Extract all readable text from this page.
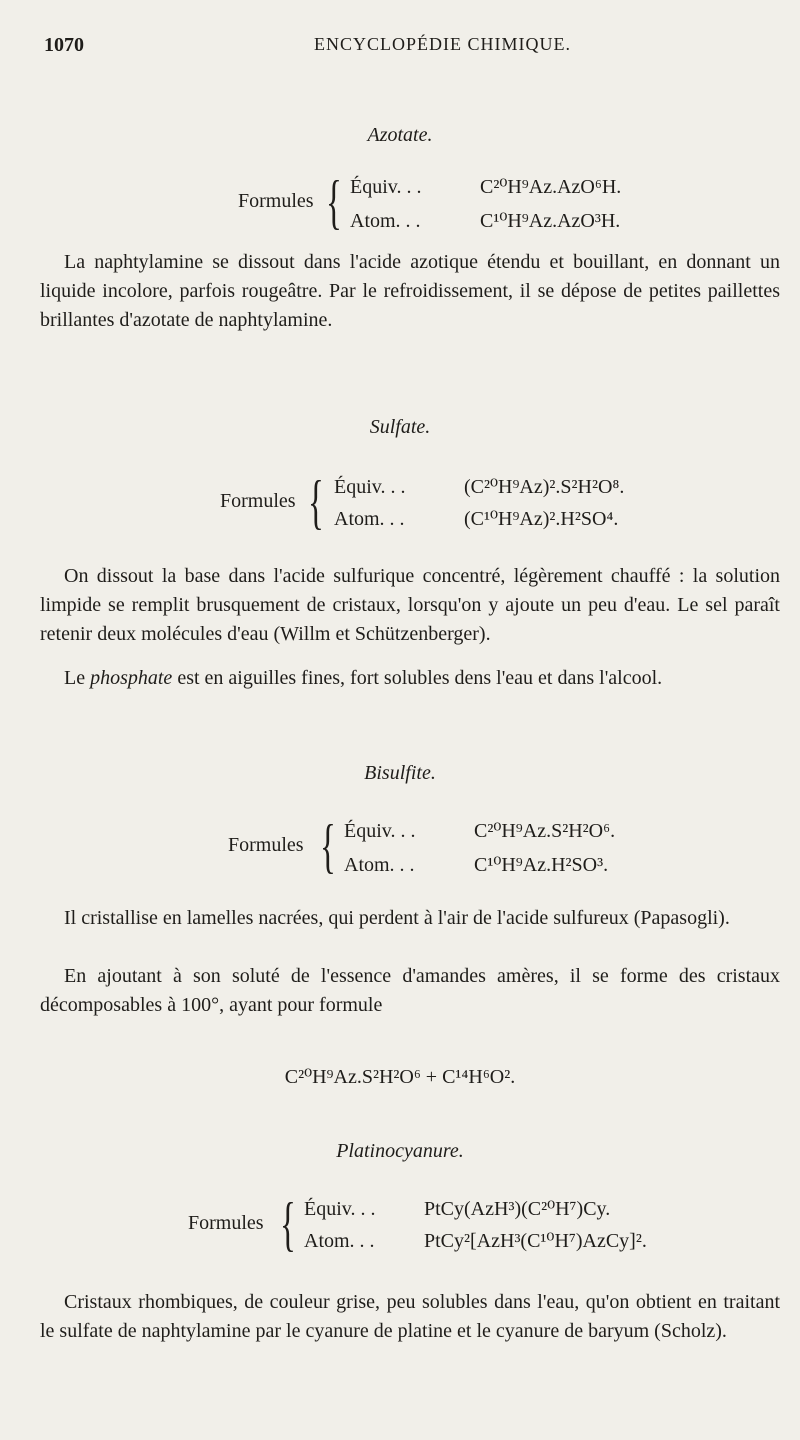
1070	ENCYCLOPÉDIE CHIMIQUE.
Azotate.
Formules { Équiv. . .	C²⁰H⁹Az.AzO⁶H.
Atom. . .	C¹⁰H⁹Az.AzO³H.

La naphtylamine se dissout dans l'acide azotique étendu et bouillant, en donnant un liquide incolore, parfois rougeâtre. Par le refroidissement, il se dépose de petites paillettes brillantes d'azotate de naphtylamine.

Sulfate.
Formules { Équiv. . .	(C²⁰H⁹Az)².S²H²O⁸.
Atom. . .	(C¹⁰H⁹Az)².H²SO⁴.

On dissout la base dans l'acide sulfurique concentré, légèrement chauffé : la solution limpide se remplit brusquement de cristaux, lorsqu'on y ajoute un peu d'eau. Le sel paraît retenir deux molécules d'eau (Willm et Schützenberger).

Le phosphate est en aiguilles fines, fort solubles dens l'eau et dans l'alcool.

Bisulfite.
Formules { Équiv. . .	C²⁰H⁹Az.S²H²O⁶.
Atom. . .	C¹⁰H⁹Az.H²SO³.

Il cristallise en lamelles nacrées, qui perdent à l'air de l'acide sulfureux (Papasogli).

En ajoutant à son soluté de l'essence d'amandes amères, il se forme des cristaux décomposables à 100°, ayant pour formule

C²⁰H⁹Az.S²H²O⁶ + C¹⁴H⁶O².
Platinocyanure.
Formules { Équiv. . . PtCy(AzH³)(C²⁰H⁷)Cy.
Atom. . . PtCy²[AzH³(C¹⁰H⁷)AzCy]².

Cristaux rhombiques, de couleur grise, peu solubles dans l'eau, qu'on obtient en traitant le sulfate de naphtylamine par le cyanure de platine et le cyanure de baryum (Scholz).
